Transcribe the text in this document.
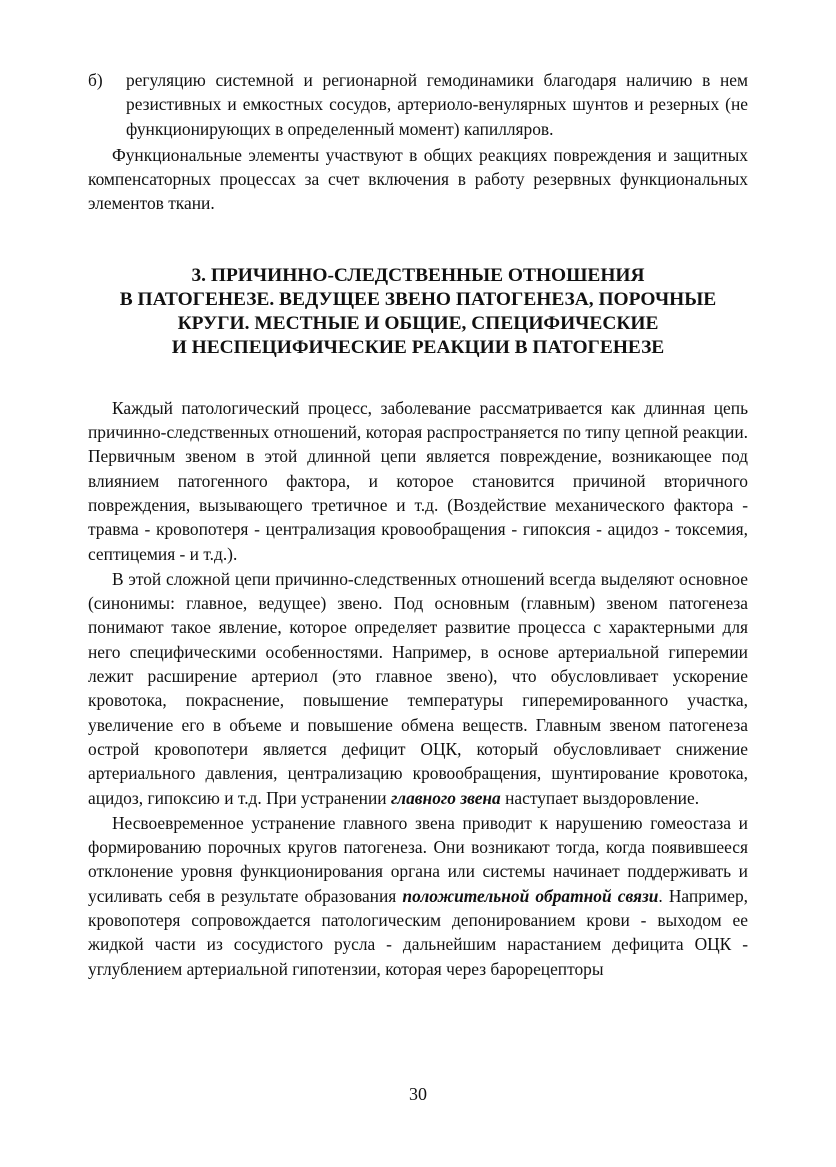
б)	регуляцию системной и регионарной гемодинамики благодаря наличию в нем резистивных и емкостных сосудов, артериоло-венулярных шунтов и резерных (не функционирующих в определенный момент) капилляров.

Функциональные элементы участвуют в общих реакциях повреждения и защитных компенсаторных процессах за счет включения в работу резервных функциональных элементов ткани.

3. ПРИЧИННО-СЛЕДСТВЕННЫЕ ОТНОШЕНИЯ
В ПАТОГЕНЕЗЕ. ВЕДУЩЕЕ ЗВЕНО ПАТОГЕНЕЗА, ПОРОЧНЫЕ
КРУГИ. МЕСТНЫЕ И ОБЩИЕ, СПЕЦИФИЧЕСКИЕ
И НЕСПЕЦИФИЧЕСКИЕ РЕАКЦИИ В ПАТОГЕНЕЗЕ

Каждый патологический процесс, заболевание рассматривается как длинная цепь причинно-следственных отношений, которая распространяется по типу цепной реакции. Первичным звеном в этой длинной цепи является повреждение, возникающее под влиянием патогенного фактора, и которое становится причиной вторичного повреждения, вызывающего третичное и т.д. (Воздействие механического фактора - травма - кровопотеря - централизация кровообращения - гипоксия - ацидоз - токсемия, септицемия - и т.д.).

В этой сложной цепи причинно-следственных отношений всегда выделяют основное (синонимы: главное, ведущее) звено. Под основным (главным) звеном патогенеза понимают такое явление, которое определяет развитие процесса с характерными для него специфическими особенностями. Например, в основе артериальной гиперемии лежит расширение артериол (это главное звено), что обусловливает ускорение кровотока, покраснение, повышение температуры гиперемированного участка, увеличение его в объеме и повышение обмена веществ. Главным звеном патогенеза острой кровопотери является дефицит ОЦК, который обусловливает снижение артериального давления, централизацию кровообращения, шунтирование кровотока, ацидоз, гипоксию и т.д. При устранении главного звена наступает выздоровление.

Несвоевременное устранение главного звена приводит к нарушению гомеостаза и формированию порочных кругов патогенеза. Они возникают тогда, когда появившееся отклонение уровня функционирования органа или системы начинает поддерживать и усиливать себя в результате образования положительной обратной связи. Например, кровопотеря сопровождается патологическим депонированием крови - выходом ее жидкой части из сосудистого русла - дальнейшим нарастанием дефицита ОЦК - углублением артериальной гипотензии, которая через барорецепторы

30
